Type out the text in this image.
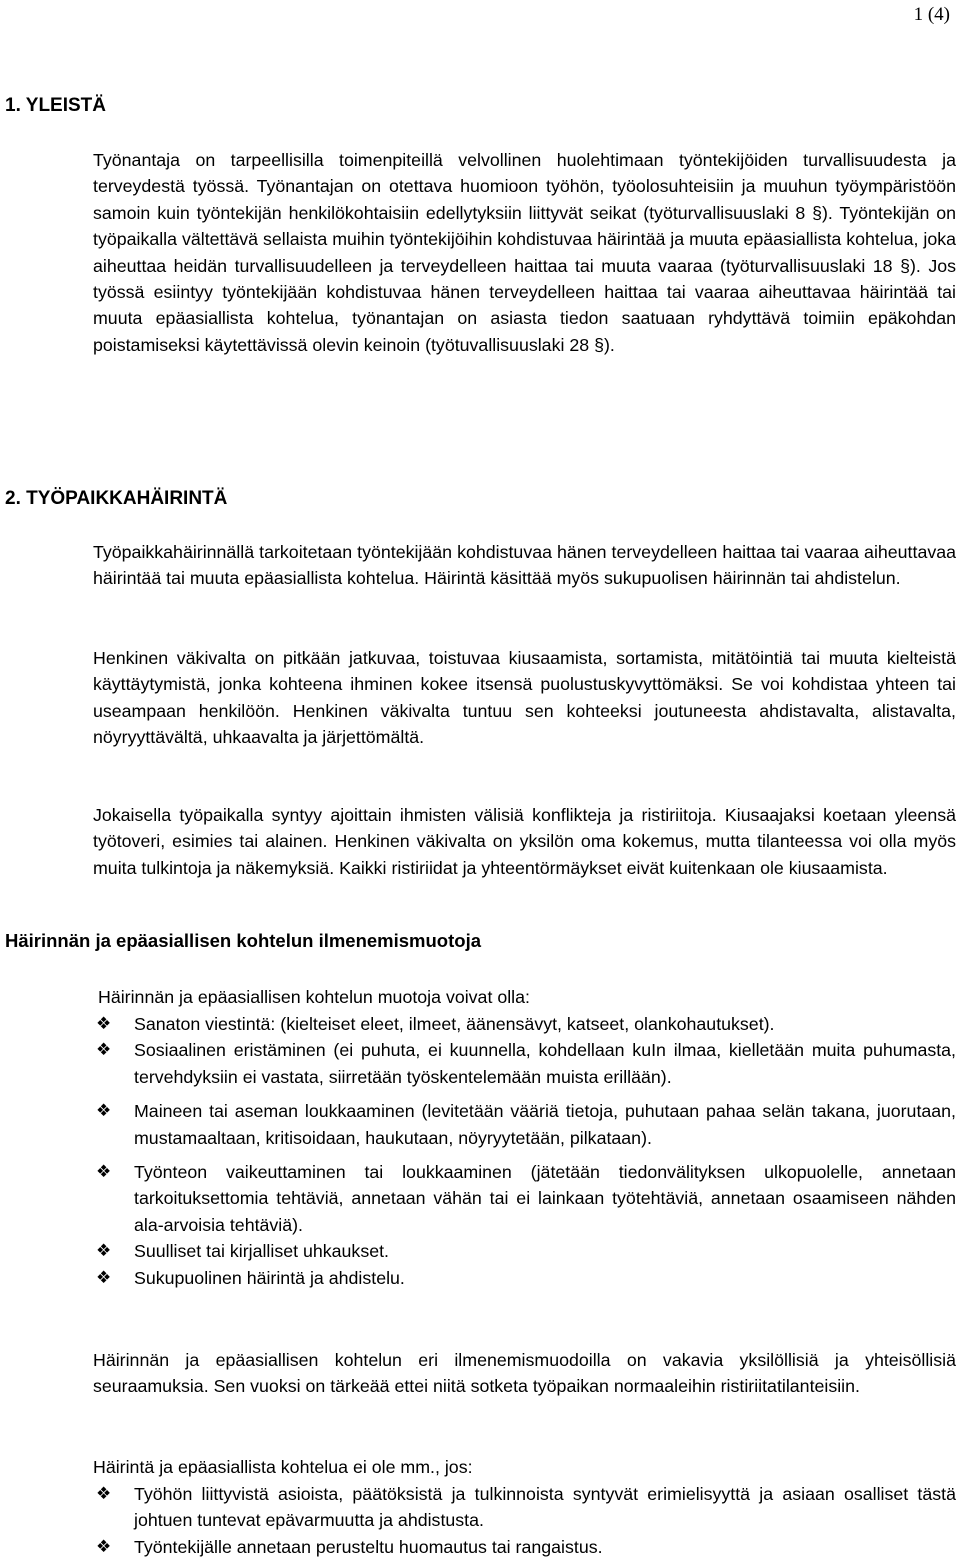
1 (4)
1. YLEISTÄ

Työnantaja on tarpeellisilla toimenpiteillä velvollinen huolehtimaan työntekijöiden turvallisuudesta ja terveydestä työssä. Työnantajan on otettava huomioon työhön, työolosuhteisiin ja muuhun työympäristöön samoin kuin työntekijän henkilökohtaisiin edellytyksiin liittyvät seikat (työturvallisuuslaki 8 §). Työntekijän on työpaikalla vältettävä sellaista muihin työntekijöihin kohdistuvaa häirintää ja muuta epäasiallista kohtelua, joka aiheuttaa heidän turvallisuudelleen ja terveydelleen haittaa tai muuta vaaraa (työturvallisuuslaki 18 §). Jos työssä esiintyy työntekijään kohdistuvaa hänen terveydelleen haittaa tai vaaraa aiheuttavaa häirintää tai muuta epäasiallista kohtelua, työnantajan on asiasta tiedon saatuaan ryhdyttävä toimiin epäkohdan poistamiseksi käytettävissä olevin keinoin (työtuvallisuuslaki 28 §).

2. TYÖPAIKKAHÄIRINTÄ

Työpaikkahäirinnällä tarkoitetaan työntekijään kohdistuvaa hänen terveydelleen haittaa tai vaaraa aiheuttavaa häirintää tai muuta epäasiallista kohtelua. Häirintä käsittää myös sukupuolisen häirinnän tai ahdistelun.

Henkinen väkivalta on pitkään jatkuvaa, toistuvaa kiusaamista, sortamista, mitätöintiä tai muuta kielteistä käyttäytymistä, jonka kohteena ihminen kokee itsensä puolustuskyvyttömäksi. Se voi kohdistaa yhteen tai useampaan henkilöön. Henkinen väkivalta tuntuu sen kohteeksi joutuneesta ahdistavalta, alistavalta, nöyryyttävältä, uhkaavalta ja järjettömältä.

Jokaisella työpaikalla syntyy ajoittain ihmisten välisiä konflikteja ja ristiriitoja. Kiusaajaksi koetaan yleensä työtoveri, esimies tai alainen. Henkinen väkivalta on yksilön oma kokemus, mutta tilanteessa voi olla myös muita tulkintoja ja näkemyksiä. Kaikki ristiriidat ja yhteentörmäykset eivät kuitenkaan ole kiusaamista.

Häirinnän ja epäasiallisen kohtelun ilmenemismuotoja

Häirinnän ja epäasiallisen kohtelun muotoja voivat olla:

❖ Sanaton viestintä: (kielteiset eleet, ilmeet, äänensävyt, katseet, olankohautukset).
❖ Sosiaalinen eristäminen (ei puhuta, ei kuunnella, kohdellaan kuIn ilmaa, kielletään muita puhumasta, tervehdyksiin ei vastata, siirretään työskentelemään muista erillään).
❖ Maineen tai aseman loukkaaminen (levitetään vääriä tietoja, puhutaan pahaa selän takana, juorutaan, mustamaaltaan, kritisoidaan, haukutaan, nöyryytetään, pilkataan).
❖ Työnteon vaikeuttaminen tai loukkaaminen (jätetään tiedonvälityksen ulkopuolelle, annetaan tarkoituksettomia tehtäviä, annetaan vähän tai ei lainkaan työtehtäviä, annetaan osaamiseen nähden ala-arvoisia tehtäviä).
❖ Suulliset tai kirjalliset uhkaukset.
❖ Sukupuolinen häirintä ja ahdistelu.

Häirinnän ja epäasiallisen kohtelun eri ilmenemismuodoilla on vakavia yksilöllisiä ja yhteisöllisiä seuraamuksia. Sen vuoksi on tärkeää ettei niitä sotketa työpaikan normaaleihin ristiriitatilanteisiin.

Häirintä ja epäasiallista kohtelua ei ole mm., jos:

❖ Työhön liittyvistä asioista, päätöksistä ja tulkinnoista syntyvät erimielisyyttä ja asiaan osalliset tästä johtuen tuntevat epävarmuutta ja ahdistusta.
❖ Työntekijälle annetaan perusteltu huomautus tai rangaistus.
